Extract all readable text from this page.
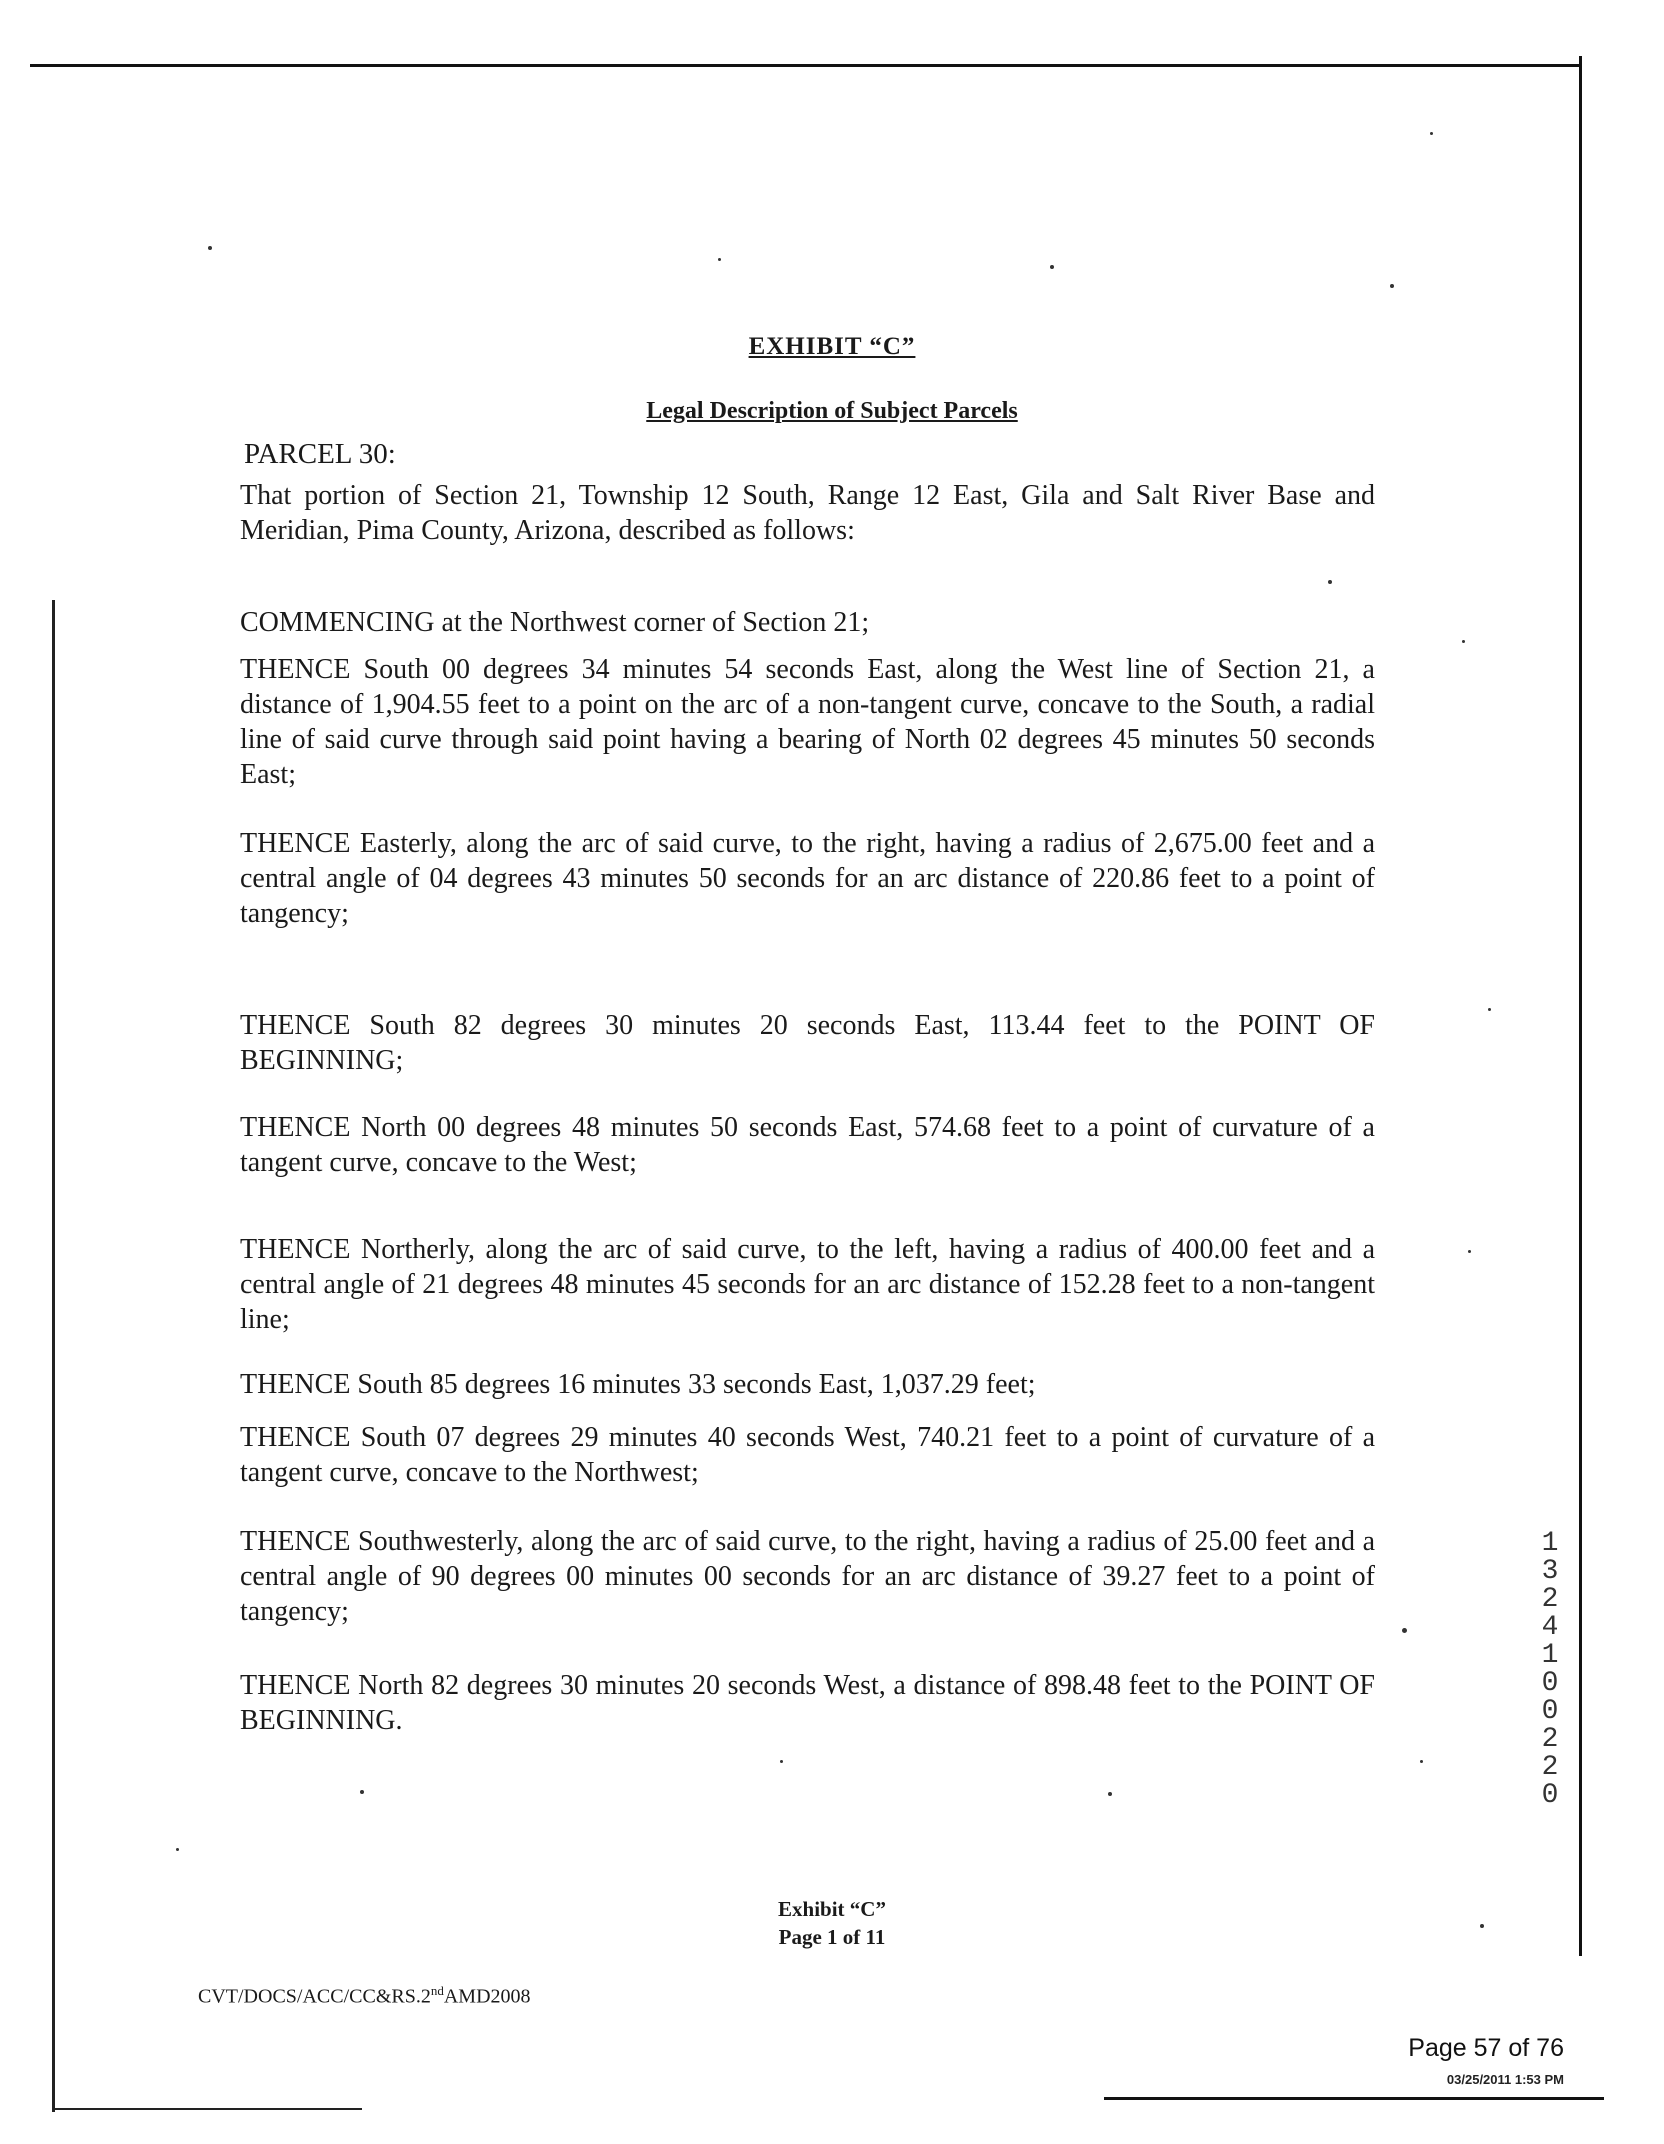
EXHIBIT “C”
Legal Description of Subject Parcels
PARCEL 30:

That portion of Section 21, Township 12 South, Range 12 East, Gila and Salt River Base and Meridian, Pima County, Arizona, described as follows:

COMMENCING at the Northwest corner of Section 21;

THENCE South 00 degrees 34 minutes 54 seconds East, along the West line of Section 21, a distance of 1,904.55 feet to a point on the arc of a non-tangent curve, concave to the South, a radial line of said curve through said point having a bearing of North 02 degrees 45 minutes 50 seconds East;

THENCE Easterly, along the arc of said curve, to the right, having a radius of 2,675.00 feet and a central angle of 04 degrees 43 minutes 50 seconds for an arc distance of 220.86 feet to a point of tangency;

THENCE South 82 degrees 30 minutes 20 seconds East, 113.44 feet to the POINT OF BEGINNING;

THENCE North 00 degrees 48 minutes 50 seconds East, 574.68 feet to a point of curvature of a tangent curve, concave to the West;

THENCE Northerly, along the arc of said curve, to the left, having a radius of 400.00 feet and a central angle of 21 degrees 48 minutes 45 seconds for an arc distance of 152.28 feet to a non-tangent line;

THENCE South 85 degrees 16 minutes 33 seconds East, 1,037.29 feet;

THENCE South 07 degrees 29 minutes 40 seconds West, 740.21 feet to a point of curvature of a tangent curve, concave to the Northwest;

THENCE Southwesterly, along the arc of said curve, to the right, having a radius of 25.00 feet and a central angle of 90 degrees 00 minutes 00 seconds for an arc distance of 39.27 feet to a point of tangency;

THENCE North 82 degrees 30 minutes 20 seconds West, a distance of 898.48 feet to the POINT OF BEGINNING.

13241 00220
Exhibit “C”
Page 1 of 11
CVT/DOCS/ACC/CC&RS.2ndAMD2008
Page 57 of 76
03/25/2011 1:53 PM
